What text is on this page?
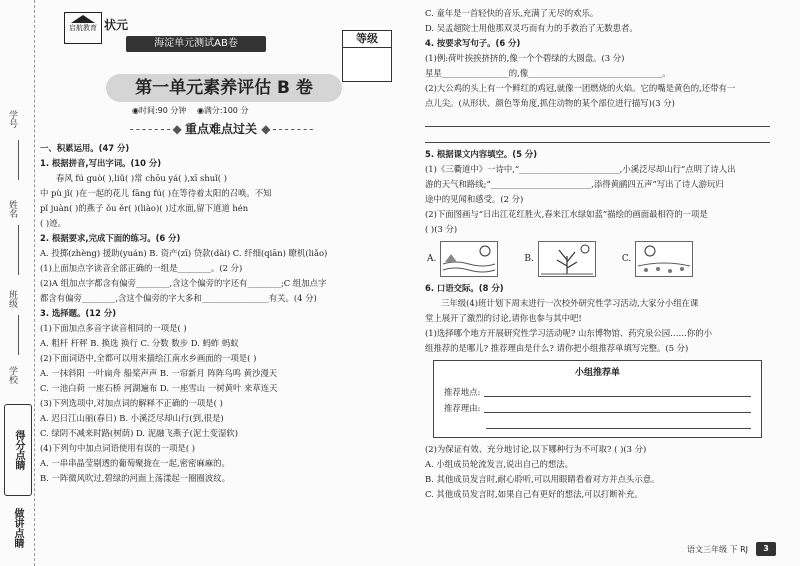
学号
姓名
班级
学校
得分点睛
做讲点睛
启航教育 状元
海淀单元测试AB卷	等级
第一单元素养评估 B 卷
◉时间:90 分钟 ◉满分:100 分
- - - - - - - ◆ 重点难点过关 ◆ - - - - - - -
一、积累运用。(47 分)
1. 根据拼音,写出字词。(10 分)
春风 fú guò( ),liǔ( )常 chōu yá( ),xī shuǐ( )
中 pù jǐ( )在一起的花儿 fāng fú( )在等待着太阳的召唤。不知
pǐ juàn( )的燕子 ǒu ěr( )(liào)( )过水面,留下道道 hén
( )迹。
2. 根据要求,完成下面的练习。(6 分)
A. 投掷(zhèng) 援助(yuán) B. 资产(zī) 贷款(dài) C. 纤细(qiān) 瞭机(liǎo)
(1)上面加点字读音全部正确的一组是________。(2 分)
(2)A 组加点字都含有偏旁________,含这个偏旁的字还有________;C 组加点字
都含有偏旁________,含这个偏旁的字大多和________________有关。(4 分)
3. 选择题。(12 分)
(1)下面加点多音字读音相同的一项是( )
A. 粗杆 杆秤 B. 换选 换行 C. 分数 数步 D. 蚂蚱 蚂蚁
(2)下面词语中,全都可以用来描绘江南水乡画面的一项是( )
A. 一抹斜阳 一叶扁舟 船桨声声 B. 一帘新月 阵阵鸟鸣 黄沙漫天
C. 一池白荷 一座石桥 河湖遍布 D. 一座雪山 一树黄叶 来草连天
(3)下列选项中,对加点词的解释不正确的一项是( )
A. 迟日江山丽(春日) B. 小溪泛尽却山行(到,很是)
C. 绿阴不减来时路(树荫) D. 泥融飞燕子(泥土变湿软)
(4)下列句中加点词语使用有误的一项是( )
A. 一串串晶莹剔透的葡萄聚拢在一起,密密麻麻的。
B. 一阵微风吹过,碧绿的河面上荡漾起一圈圈波纹。
C. 童年是一首轻快的音乐,充满了无尽的欢乐。
D. 吴孟超院士用他那双灵巧而有力的手救治了无数患者。
4. 按要求写句子。(6 分)
(1)例:荷叶挨挨挤挤的,像一个个碧绿的大圆盘。(3 分)
星星________________的,像________________________________。
(2)大公鸡的头上有一个鲜红的鸡冠,就像一团燃烧的火焰。它的嘴是黄色的,还带有一
点儿尖。(从形状、颜色等角度,抓住动物的某个部位进行描写)(3 分)
5. 根据课文内容填空。(5 分)
(1)《三衢道中》一诗中,“________________________,小溪泛尽却山行”点明了诗人出
游的天气和路线;“________________________,添得黄鹂四五声”写出了诗人游玩归
途中的见闻和感受。(2 分)
(2)下面图画与“日出江花红胜火,春来江水绿如蓝”描绘的画面最相符的一项是
( )(3 分)
A.	B.	C.
6. 口语交际。(8 分)
三年级(4)班计划下周末进行一次校外研究性学习活动,大家分小组在课
堂上展开了激烈的讨论,请你也参与其中吧!
(1)选择哪个地方开展研究性学习活动呢? 山东博物馆、药究泉公园……你的小
组推荐的是哪儿? 推荐理由是什么? 请你把小组推荐单填写完整。(5 分)
小组推荐单
推荐地点:
推荐理由:
(2)为保证有效、充分地讨论,以下哪种行为不可取? ( )(3 分)
A. 小组成员轮流发言,说出自己的想法。
B. 其他成员发言时,耐心聆听,可以用眼睛看着对方并点头示意。
C. 其他成员发言时,如果自己有更好的想法,可以打断补充。
语文三年级 下 RJ	3
